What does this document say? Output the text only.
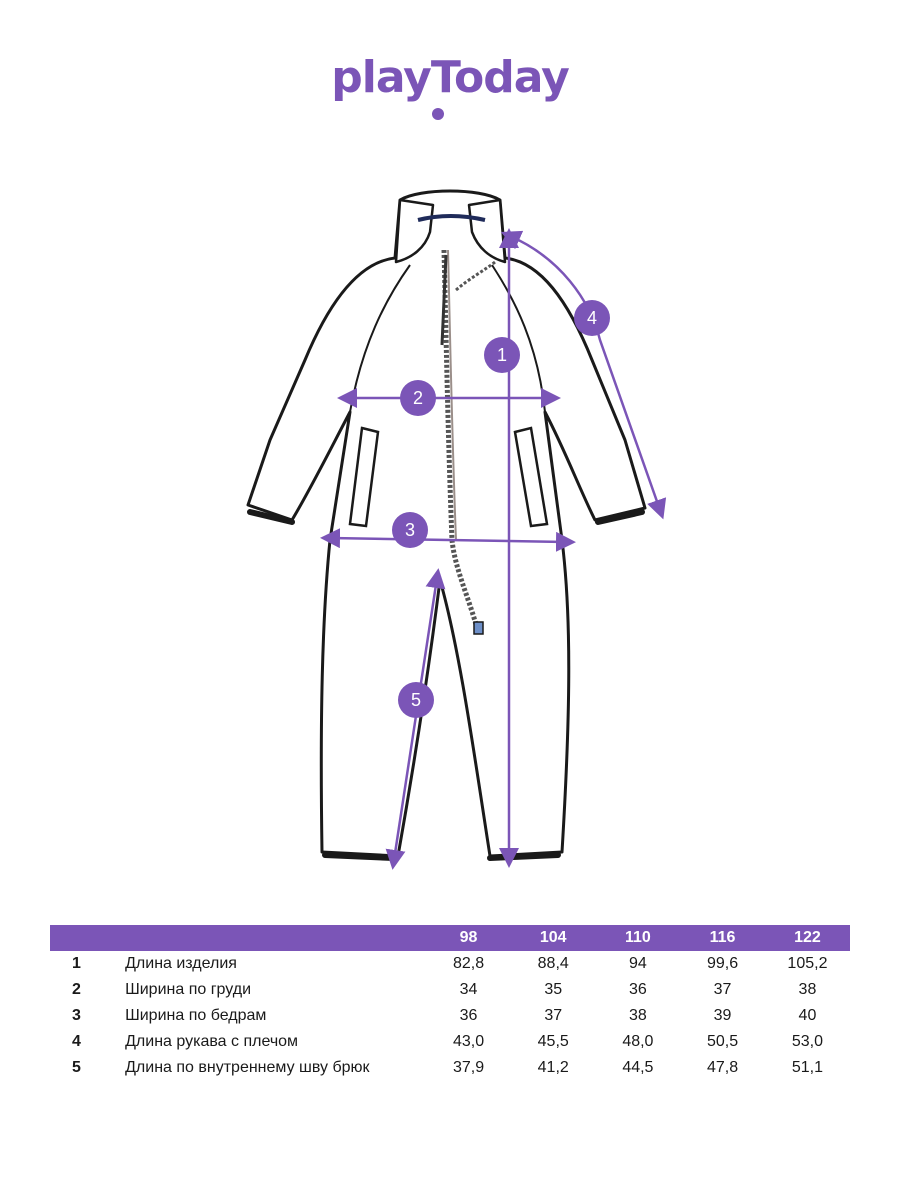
playToday
1
2
3
4
5
		98	104	110	116	122
1	Длина изделия	82,8	88,4	94	99,6	105,2
2	Ширина по груди	34	35	36	37	38
3	Ширина по бедрам	36	37	38	39	40
4	Длина рукава с плечом	43,0	45,5	48,0	50,5	53,0
5	Длина по внутреннему шву брюк	37,9	41,2	44,5	47,8	51,1
